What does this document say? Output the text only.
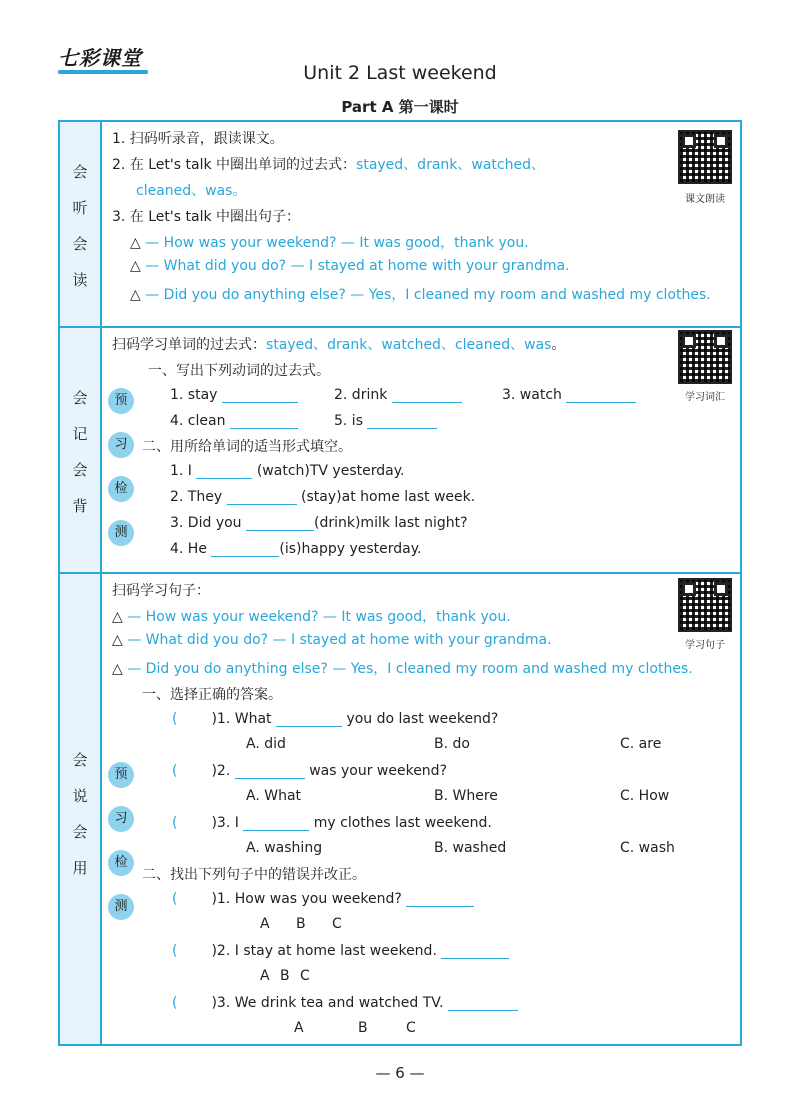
七彩课堂
Unit 2 Last weekend
Part A 第一课时
会
听
会
读
1. 扫码听录音，跟读课文。
2. 在 Let's talk 中圈出单词的过去式：stayed、drank、watched、
cleaned、was。
3. 在 Let's talk 中圈出句子：
△ — How was your weekend? — It was good，thank you.
△ — What did you do? — I stayed at home with your grandma.
△ — Did you do anything else? — Yes，I cleaned my room and washed my clothes.
课文朗读
会
记
会
背
扫码学习单词的过去式：stayed、drank、watched、cleaned、was。
学习词汇
预
习
检
测
一、写出下列动词的过去式。
1. stay	2. drink	3. watch
4. clean	5. is
二、用所给单词的适当形式填空。
1. I	(watch)TV yesterday.
2. They	(stay)at home last week.
3. Did you	(drink)milk last night?
4. He	(is)happy yesterday.
会
说
会
用
扫码学习句子：
学习句子
△ — How was your weekend? — It was good，thank you.
△ — What did you do? — I stayed at home with your grandma.
△ — Did you do anything else? — Yes，I cleaned my room and washed my clothes.
预
习
检
测
一、选择正确的答案。
( )1. What	you do last weekend?
A. did	B. do	C. are
( )2.	was your weekend?
A. What	B. Where	C. How
( )3. I	my clothes last weekend.
A. washing	B. washed	C. wash
二、找出下列句子中的错误并改正。
( )1. How was you weekend?
A B C
( )2. I stay at home last weekend.
A B C
( )3. We drink tea and watched TV.
A	B	C
— 6 —
